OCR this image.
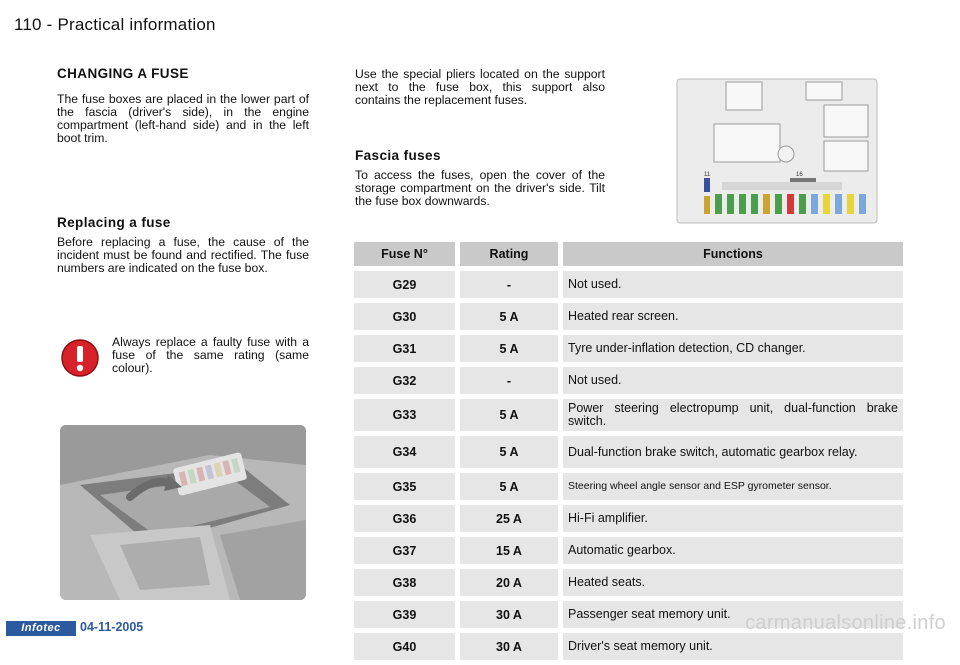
110 - Practical information
CHANGING A FUSE

The fuse boxes are placed in the lower part of the fascia (driver's side), in the engine compartment (left-hand side) and in the left boot trim.

Replacing a fuse

Before replacing a fuse, the cause of the incident must be found and rectified. The fuse numbers are indicated on the fuse box.

Always replace a faulty fuse with a fuse of the same rating (same colour).

Use the special pliers located on the support next to the fuse box, this support also contains the replacement fuses.

Fascia fuses

To access the fuses, open the cover of the storage compartment on the driver's side. Tilt the fuse box downwards.

11	16
Fuse N°		Rating		Functions
G29		-		Not used.
G30		5 A		Heated rear screen.
G31		5 A		Tyre under-inflation detection, CD changer.
G32		-		Not used.
G33		5 A		Power steering electropump unit, dual-function brake switch.
G34		5 A		Dual-function brake switch, automatic gearbox relay.
G35		5 A		Steering wheel angle sensor and ESP gyrometer sensor.
G36		25 A		Hi-Fi amplifier.
G37		15 A		Automatic gearbox.
G38		20 A		Heated seats.
G39		30 A		Passenger seat memory unit.
G40		30 A		Driver's seat memory unit.
Infotec	04-11-2005	carmanualsonline.info
